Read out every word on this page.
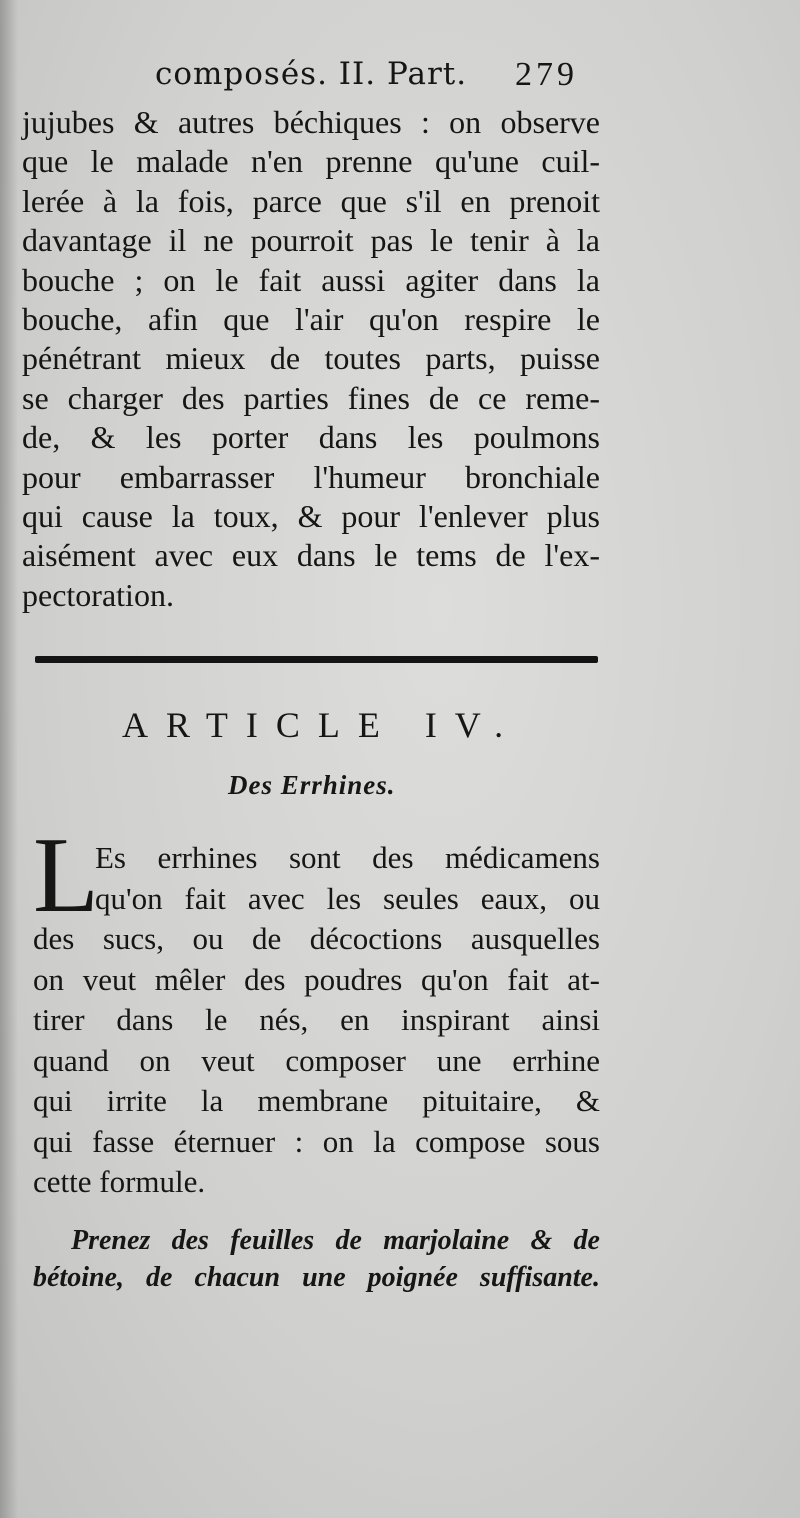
composés. II. Part. 279
jujubes & autres béchiques : on observe
que le malade n'en prenne qu'une cuil-
lerée à la fois, parce que s'il en prenoit
davantage il ne pourroit pas le tenir à la
bouche ; on le fait aussi agiter dans la
bouche, afin que l'air qu'on respire le
pénétrant mieux de toutes parts, puisse
se charger des parties fines de ce reme-
de, & les porter dans les poulmons
pour embarrasser l'humeur bronchiale
qui cause la toux, & pour l'enlever plus
aisément avec eux dans le tems de l'ex-
pectoration.
ARTICLE IV.
Des Errhines.
L
Es errhines sont des médicamens
qu'on fait avec les seules eaux, ou
des sucs, ou de décoctions ausquelles
on veut mêler des poudres qu'on fait at-
tirer dans le nés, en inspirant ainsi
quand on veut composer une errhine
qui irrite la membrane pituitaire, &
qui fasse éternuer : on la compose sous
cette formule.
Prenez des feuilles de marjolaine & de
bétoine, de chacun une poignée suffisante.
